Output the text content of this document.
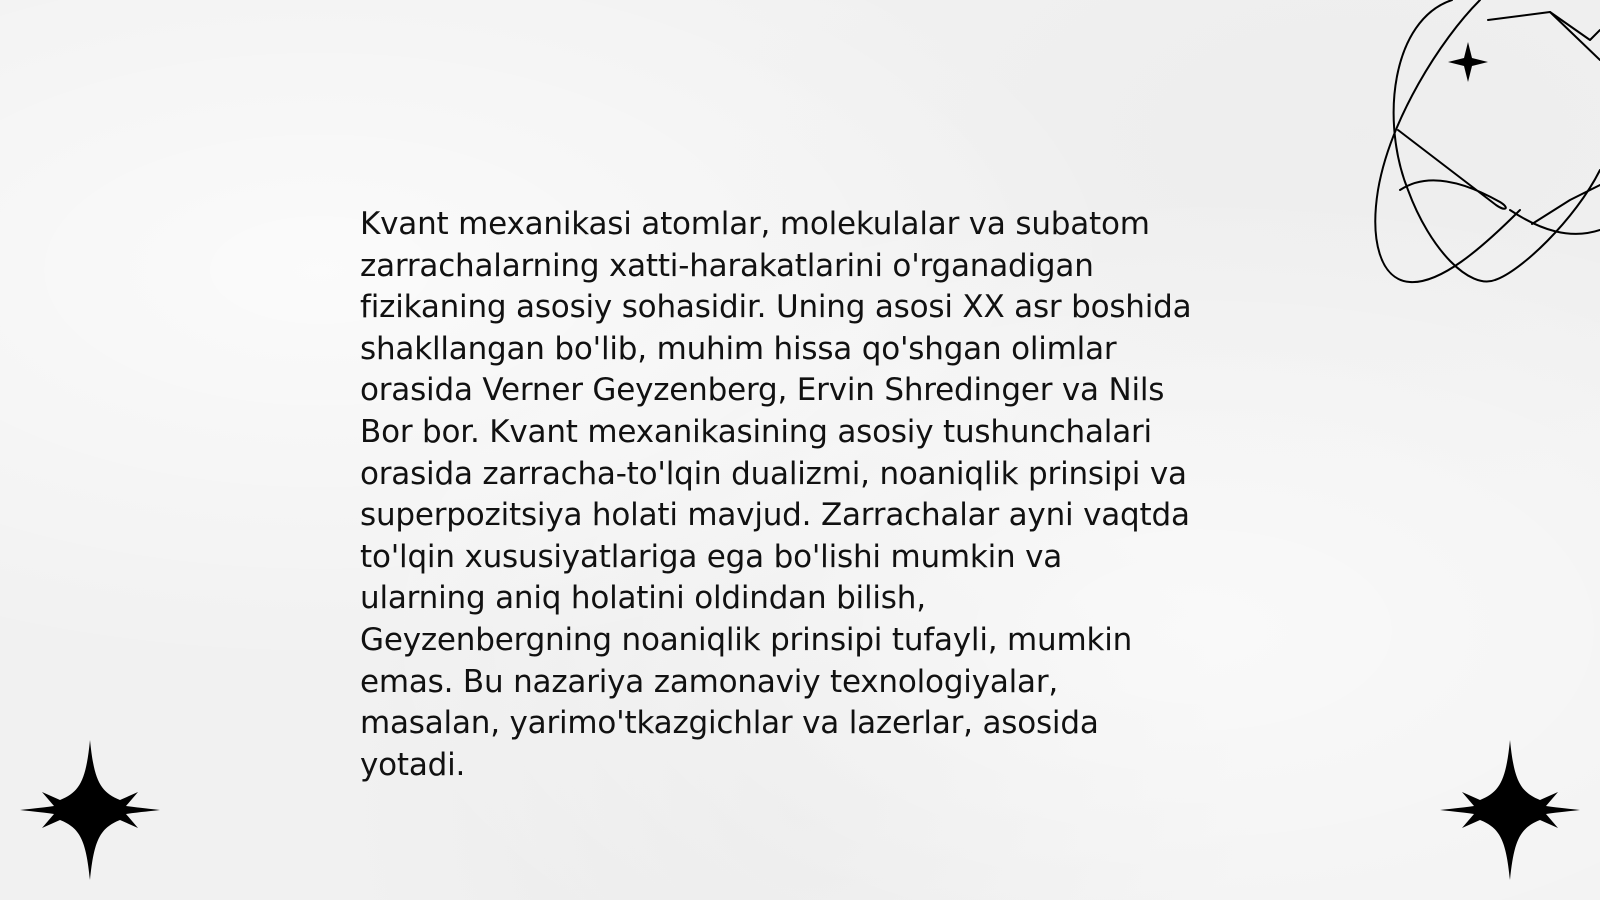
Kvant mexanikasi atomlar, molekulalar va subatom
zarrachalarning xatti-harakatlarini o'rganadigan
fizikaning asosiy sohasidir. Uning asosi XX asr boshida
shakllangan bo'lib, muhim hissa qo'shgan olimlar
orasida Verner Geyzenberg, Ervin Shredinger va Nils
Bor bor. Kvant mexanikasining asosiy tushunchalari
orasida zarracha-to'lqin dualizmi, noaniqlik prinsipi va
superpozitsiya holati mavjud. Zarrachalar ayni vaqtda
to'lqin xususiyatlariga ega bo'lishi mumkin va
ularning aniq holatini oldindan bilish,
Geyzenbergning noaniqlik prinsipi tufayli, mumkin
emas. Bu nazariya zamonaviy texnologiyalar,
masalan, yarimo'tkazgichlar va lazerlar, asosida
yotadi.
